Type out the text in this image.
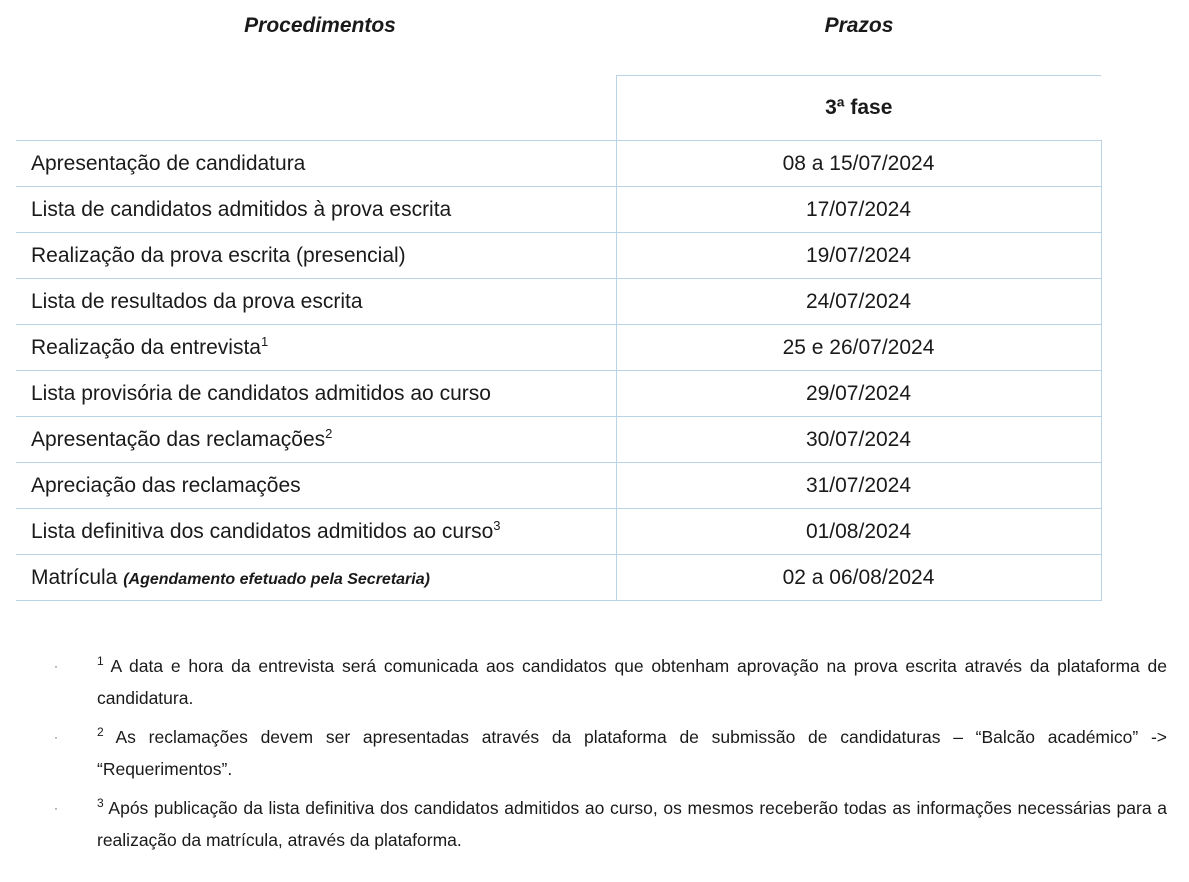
Procedimentos	Prazos
	3ª fase
Apresentação de candidatura	08 a 15/07/2024
Lista de candidatos admitidos à prova escrita	17/07/2024
Realização da prova escrita (presencial)	19/07/2024
Lista de resultados da prova escrita	24/07/2024
Realização da entrevista$^1$	25 e 26/07/2024
Lista provisória de candidatos admitidos ao curso	29/07/2024
Apresentação das reclamações$^2$	30/07/2024
Apreciação das reclamações	31/07/2024
Lista definitiva dos candidatos admitidos ao curso$^3$	01/08/2024
Matrícula (Agendamento efetuado pela Secretaria)	02 a 06/08/2024
·	$^1$ A data e hora da entrevista será comunicada aos candidatos que obtenham aprovação na prova escrita através da plataforma de candidatura.
·	$^2$ As reclamações devem ser apresentadas através da plataforma de submissão de candidaturas – “Balcão académico” -> “Requerimentos”.
·	$^3$ Após publicação da lista definitiva dos candidatos admitidos ao curso, os mesmos receberão todas as informações necessárias para a realização da matrícula, através da plataforma.
